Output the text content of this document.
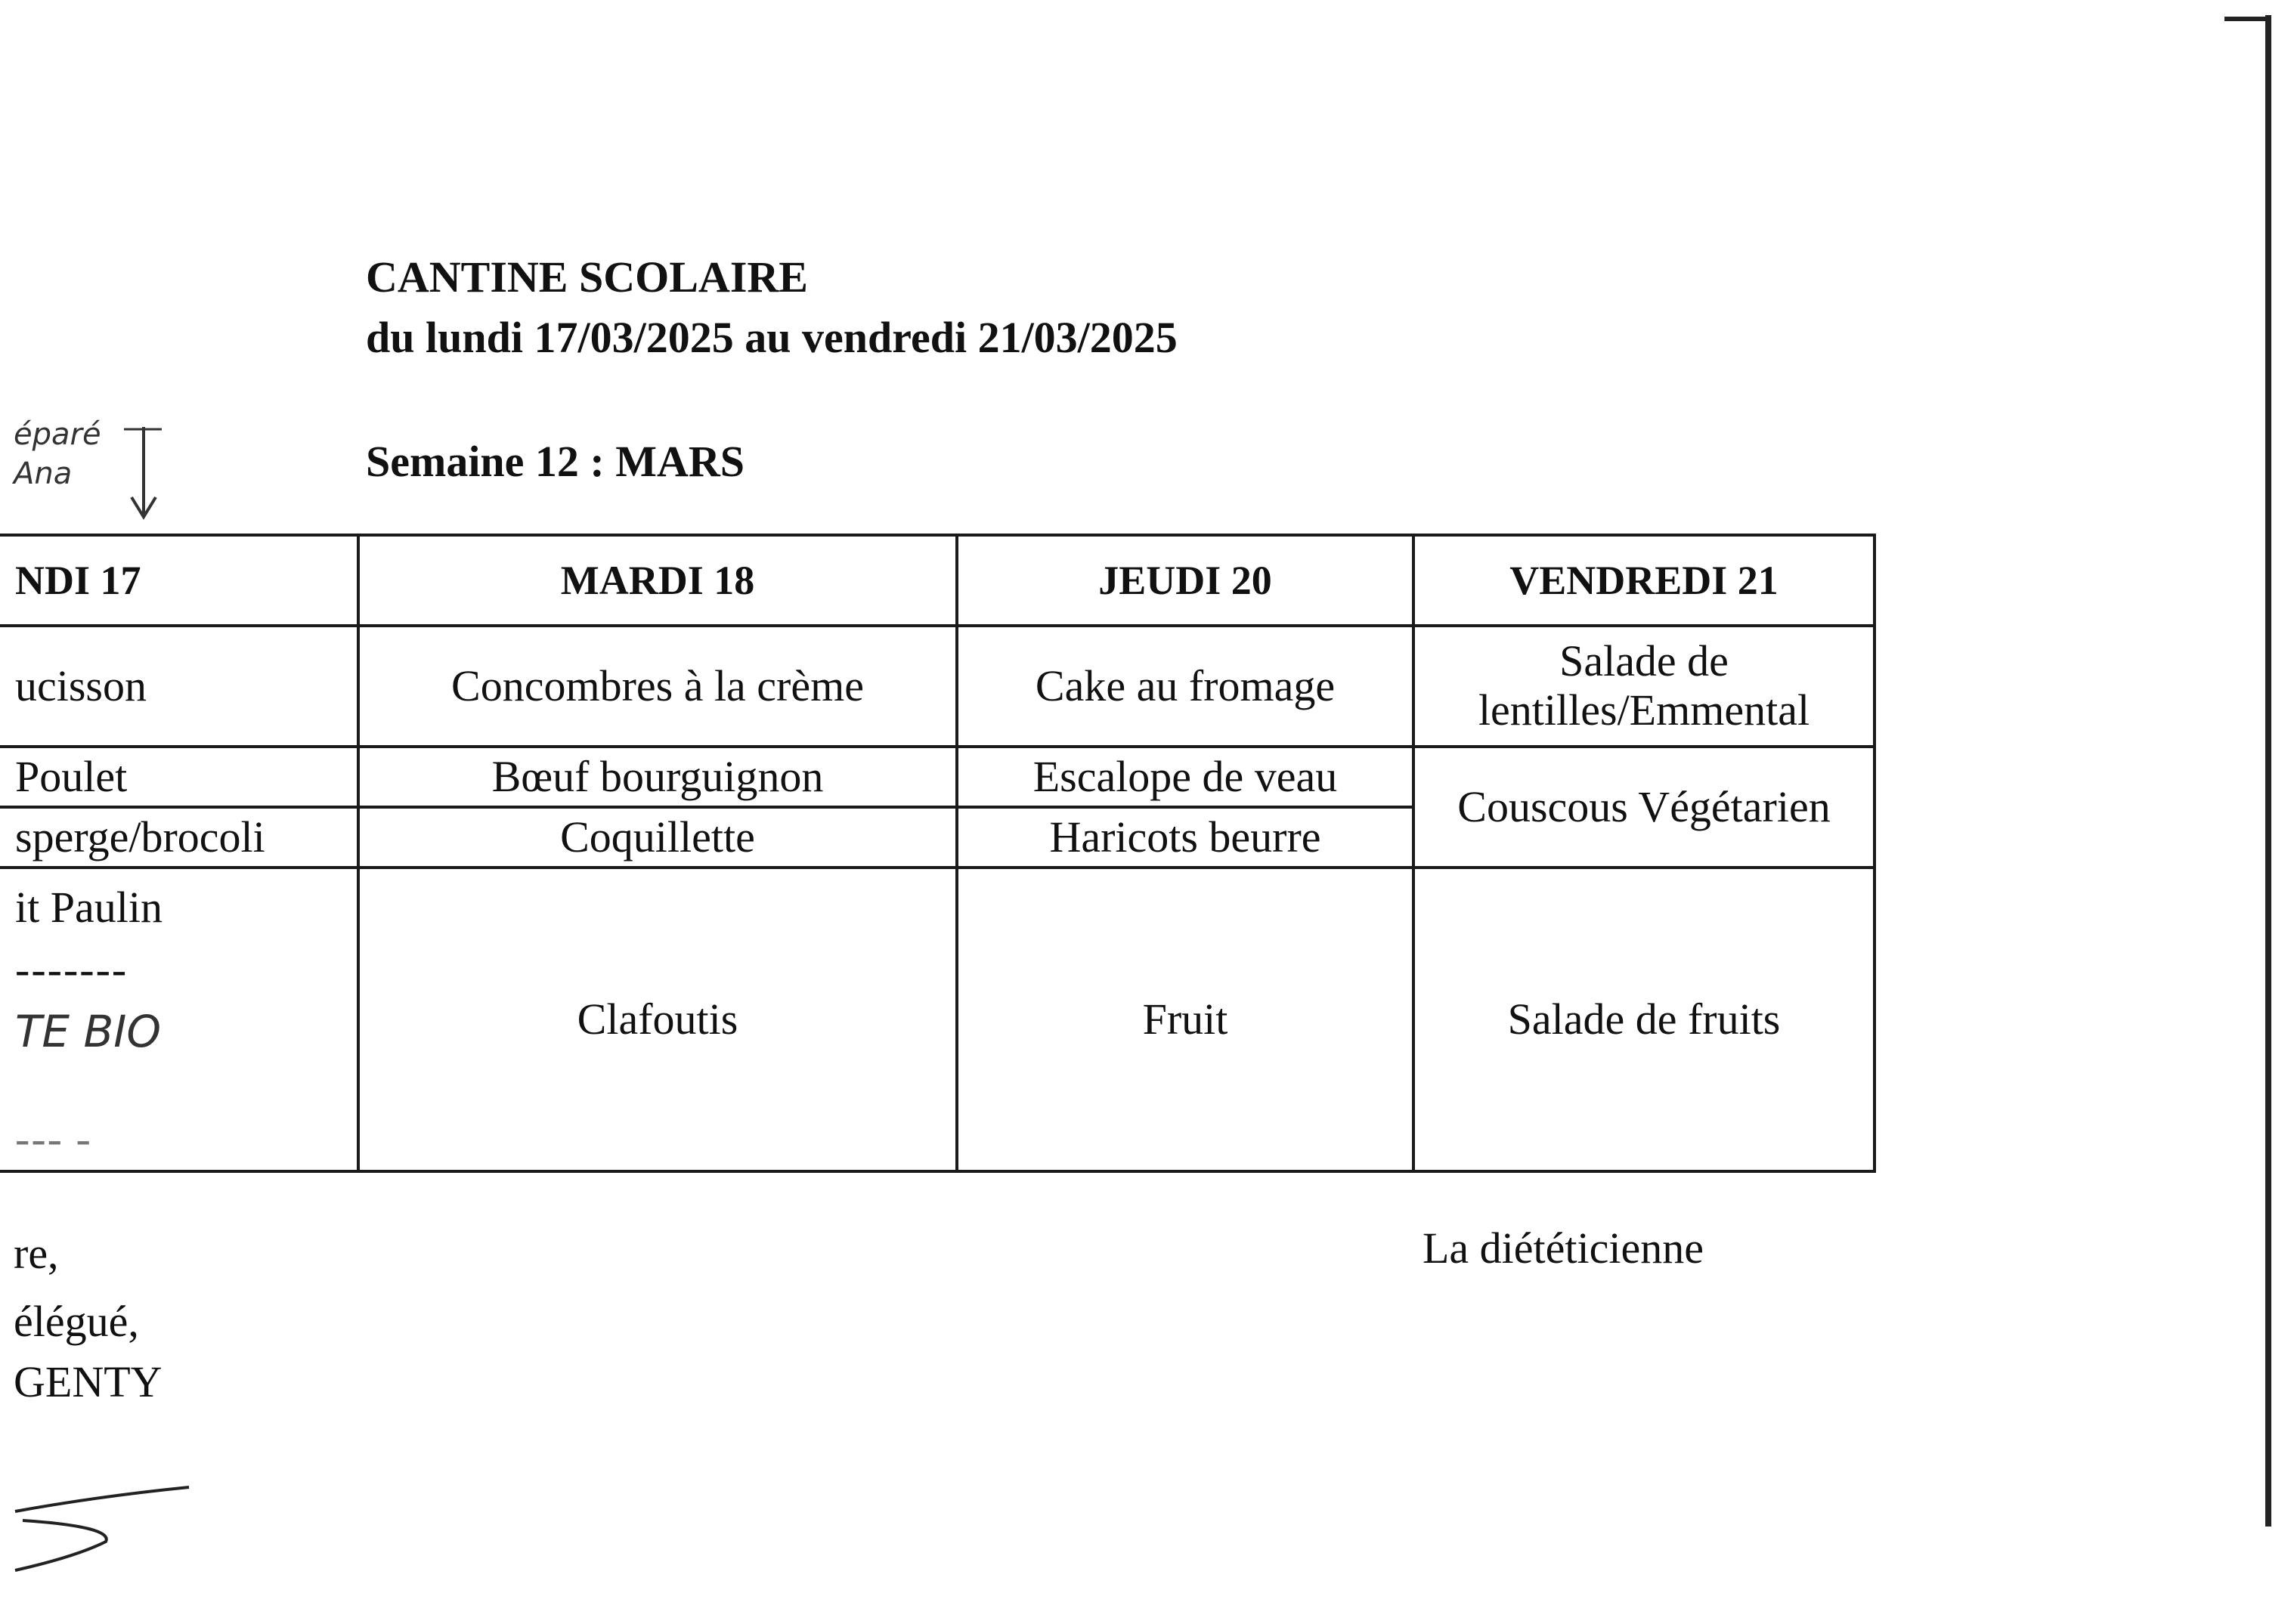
CANTINE SCOLAIRE
du lundi 17/03/2025 au vendredi 21/03/2025
Semaine 12 : MARS
éparé
Ana
NDI 17	MARDI 18	JEUDI 20	VENDREDI 21
ucisson	Concombres à la crème	Cake au fromage	Salade de lentilles/Emmental
Poulet	Bœuf bourguignon	Escalope de veau	Couscous Végétarien
sperge/brocoli	Coquillette	Haricots beurre	

it Paulin
-------
TE BIO
--- -	Clafoutis	Fruit	Salade de fruits
re,
élégué,
GENTY
La diététicienne
